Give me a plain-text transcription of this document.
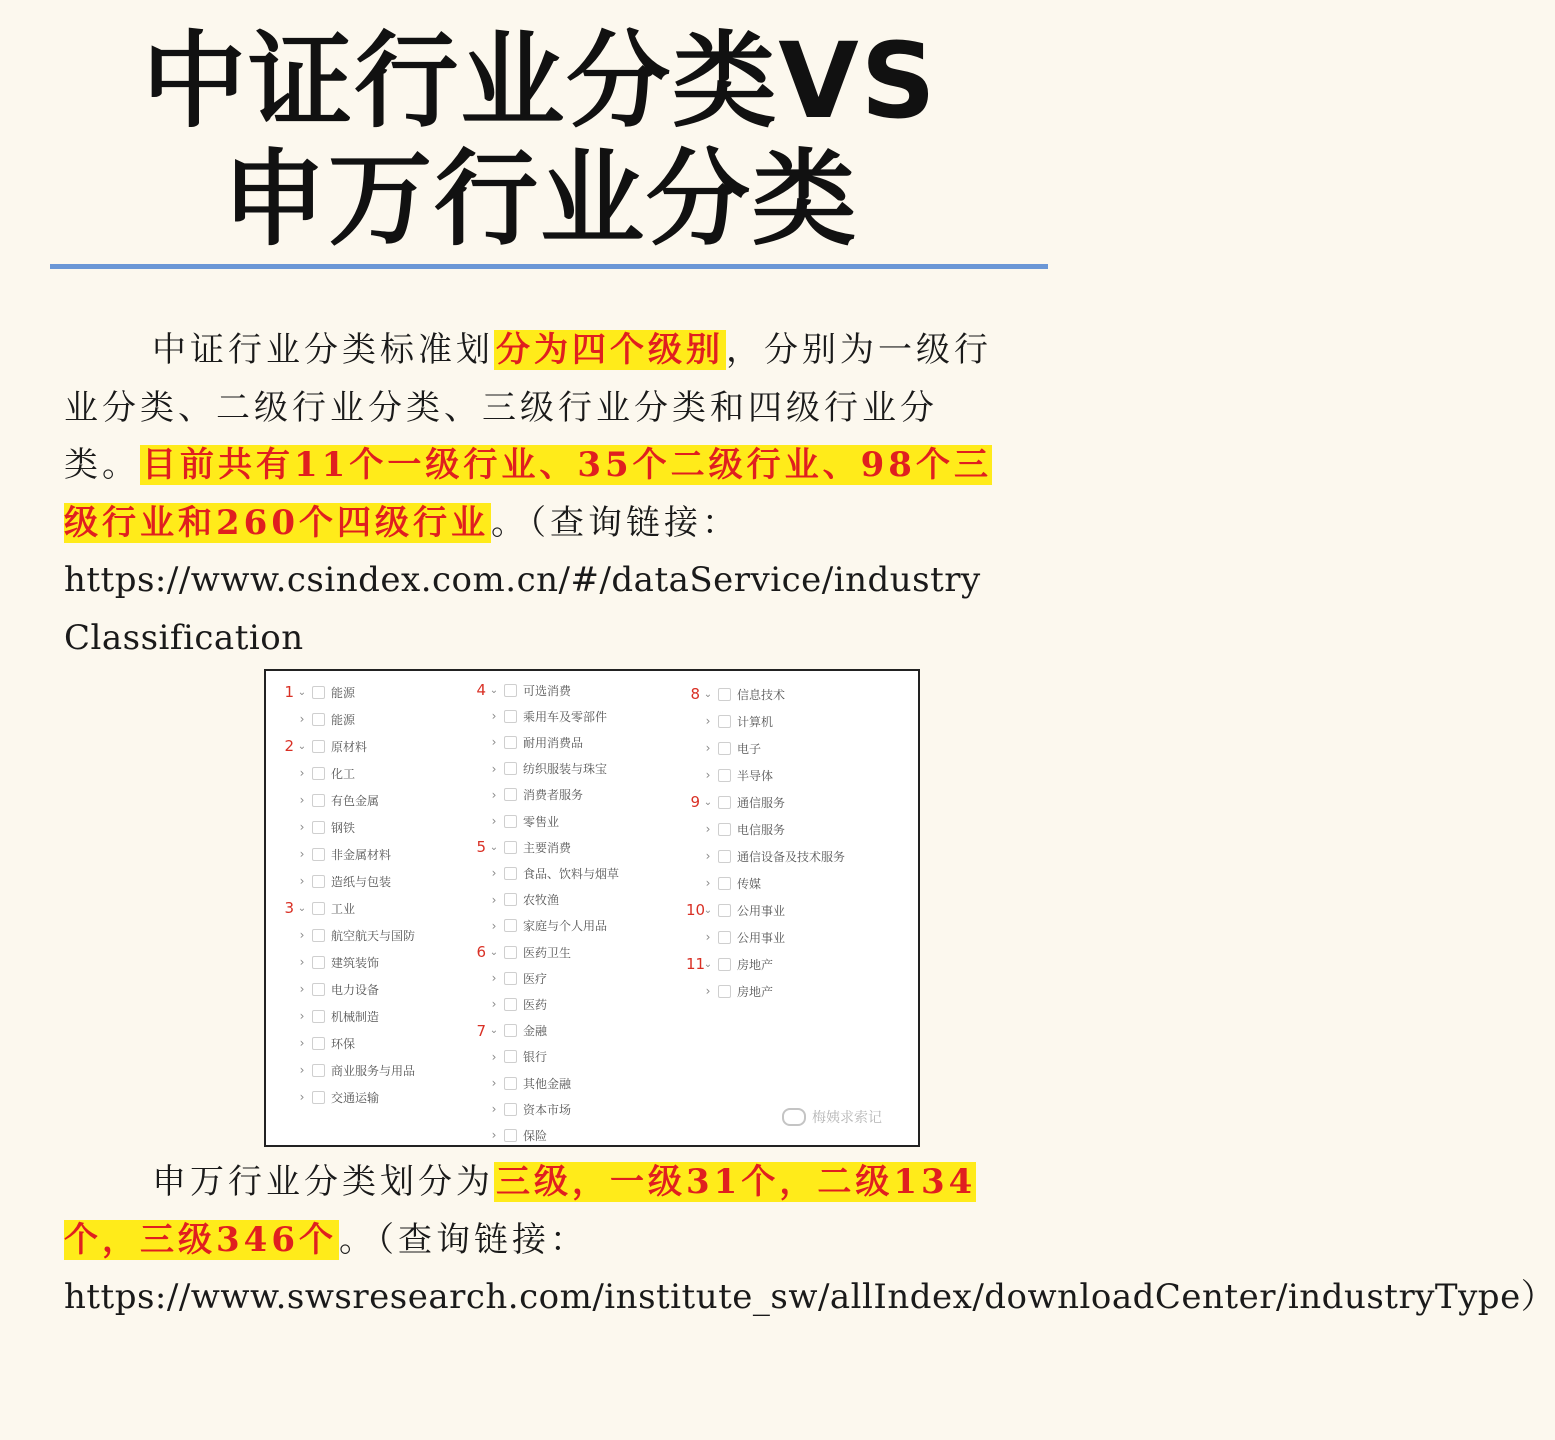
中证行业分类VS
申万行业分类

中证行业分类标准划分为四个级别，分别为一级行业分类、二级行业分类、三级行业分类和四级行业分类。目前共有11个一级行业、35个二级行业、98个三级行业和260个四级行业。（查询链接：https://www.csindex.com.cn/#/dataService/industry Classification

1 ⌄ 能源
› 能源
2 ⌄ 原材料
› 化工
› 有色金属
› 钢铁
› 非金属材料
› 造纸与包装
3 ⌄ 工业
› 航空航天与国防
› 建筑装饰
› 电力设备
› 机械制造
› 环保
› 商业服务与用品
› 交通运输
4 ⌄ 可选消费
› 乘用车及零部件
› 耐用消费品
› 纺织服装与珠宝
› 消费者服务
› 零售业
5 ⌄ 主要消费
› 食品、饮料与烟草
› 农牧渔
› 家庭与个人用品
6 ⌄ 医药卫生
› 医疗
› 医药
7 ⌄ 金融
› 银行
› 其他金融
› 资本市场
› 保险
8 ⌄ 信息技术
› 计算机
› 电子
› 半导体
9 ⌄ 通信服务
› 电信服务
› 通信设备及技术服务
› 传媒
10
⌄ 公用事业
› 公用事业
11
⌄ 房地产
› 房地产
梅姨求索记

申万行业分类划分为三级，一级31个，二级134个，三级346个。（查询链接：
https://www.swsresearch.com/institute_sw/allIndex/downloadCenter/industryType）
